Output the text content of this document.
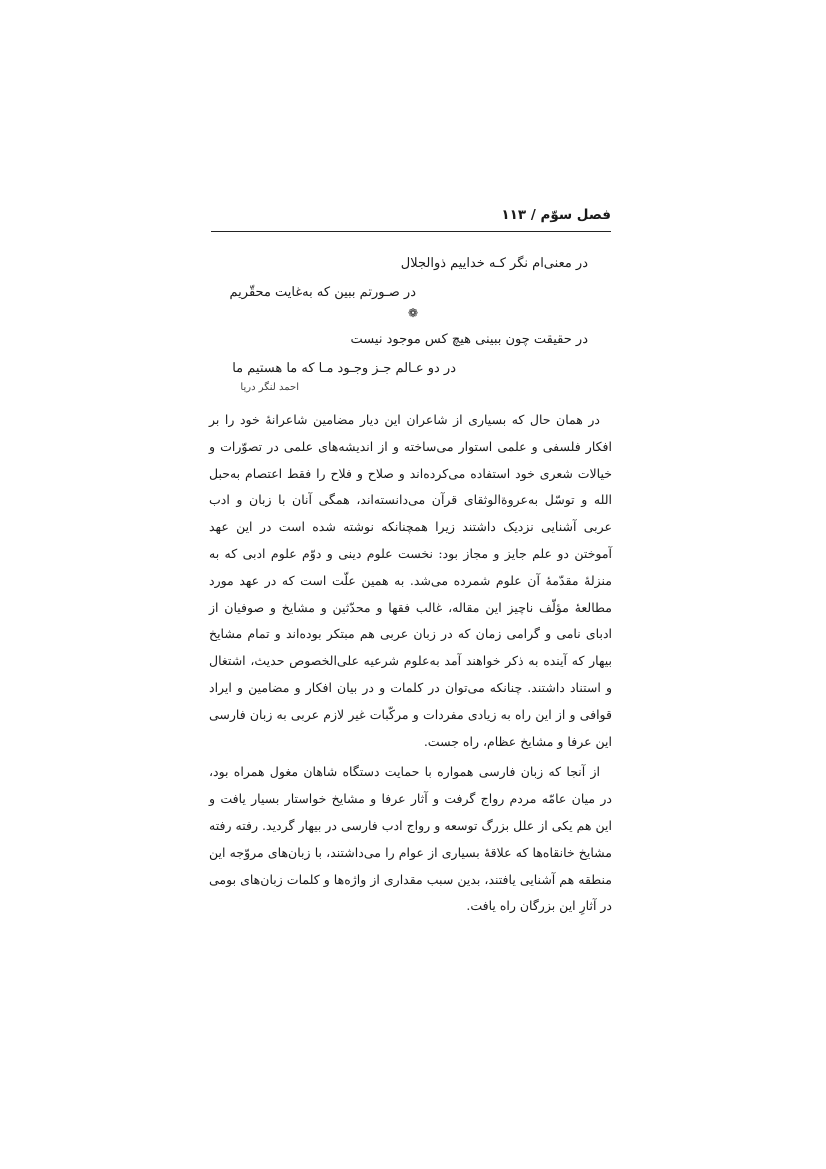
فصل سوّم / ۱۱۳
در معنی‌ام نگر کـه خداییم ذوالجلال
در صـورتم ببین که به‌غایت محقّریم
❁
در حقیقت چون ببینی هیچ کس موجود نیست
در دو عـالم جـز وجـود مـا که ما هستیم ما
احمد لنگر دریا

در همان حال که بسیاری از شاعران این دیار مضامین شاعرانهٔ خود را بر افکار فلسفی و علمی استوار می‌ساخته و از اندیشه‌های علمی در تصوّرات و خیالات شعری خود استفاده می‌کرده‌اند و صلاح و فلاح را فقط اعتصام به‌حبل الله و توسّل به‌عروةالوثقای قرآن می‌دانسته‌اند، همگی آنان با زبان و ادب عربی آشنایی نزدیک داشتند زیرا همچنانکه نوشته شده است در این عهد آموختن دو علم جایز و مجاز بود: نخست علوم دینی و دوّم علوم ادبی که به منزلهٔ مقدّمهٔ آن علوم شمرده می‌شد. به همین علّت است که در عهد مورد مطالعهٔ مؤلّف ناچیز این مقاله، غالب فقها و محدّثین و مشایخ و صوفیان از ادبای نامی و گرامی زمان که در زبان عربی هم مبتکر بوده‌اند و تمام مشایخ بیهار که آینده به ذکر خواهند آمد به‌علوم شرعیه علی‌الخصوص حدیث، اشتغال و استناد داشتند. چنانکه می‌توان در کلمات و در بیان افکار و مضامین و ایراد قوافی و از این راه به زیادی مفردات و مرکّبات غیر لازم عربی به زبان فارسی این عرفا و مشایخ عظام، راه جست.

از آنجا که زبان فارسی همواره با حمایت دستگاه شاهان مغول همراه بود، در میان عامّه مردم رواج گرفت و آثار عرفا و مشایخ خواستار بسیار یافت و این هم یکی از علل بزرگ توسعه و رواج ادب فارسی در بیهار گردید. رفته رفته مشایخ خانقاه‌ها که علاقهٔ بسیاری از عوام را می‌داشتند، با زبان‌های مروّجه این منطقه هم آشنایی یافتند، بدین سبب مقداری از واژه‌ها و کلمات زبان‌های بومی در آثارِ این بزرگان راه یافت.
